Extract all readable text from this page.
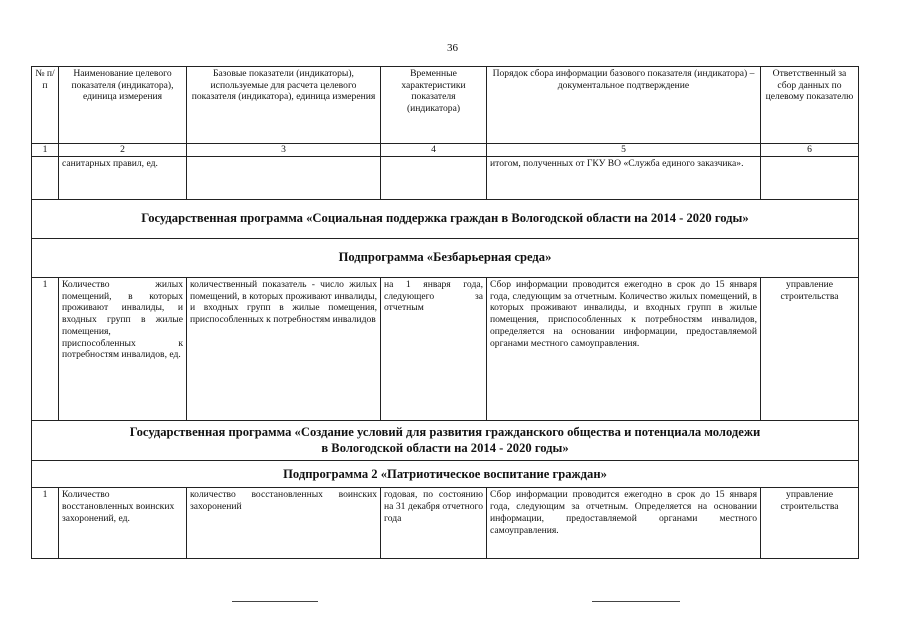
36
№ п/п	Наименование целевого показателя (индикатора), единица измерения	Базовые показатели (индикаторы), используемые для расчета целевого показателя (индикатора), единица измерения	Временные характеристики показателя (индикатора)	Порядок сбора информации базового показателя (индикатора) – документальное подтверждение	Ответственный за сбор данных по целевому показателю
1	2	3	4	5	6
	санитарных правил, ед.			итогом, полученных от ГКУ ВО «Служба единого заказчика».	
Государственная программа «Социальная поддержка граждан в Вологодской области на 2014 - 2020 годы»					
Подпрограмма «Безбарьерная среда»					
1	Количество жилых помещений, в которых проживают инвалиды, и входных групп в жилые помещения, приспособленных к потребностям инвалидов, ед.	количественный показатель - число жилых помещений, в которых проживают инвалиды, и входных групп в жилые помещения, приспособленных к потребностям инвалидов	на 1 января года, следующего за отчетным	Сбор информации проводится ежегодно в срок до 15 января года, следующим за отчетным. Количество жилых помещений, в которых проживают инвалиды, и входных групп в жилые помещения, приспособленных к потребностям инвалидов, определяется на основании информации, предоставляемой органами местного самоуправления.	управление строительства
Государственная программа «Создание условий для развития гражданского общества и потенциала молодежи
в Вологодской области на 2014 - 2020 годы»					
Подпрограмма 2 «Патриотическое воспитание граждан»					
1	Количество восстановленных воинских захоронений, ед.	количество восстановленных воинских захоронений	годовая, по состоянию на 31 декабря отчетного года	Сбор информации проводится ежегодно в срок до 15 января года, следующим за отчетным. Определяется на основании информации, предоставляемой органами местного самоуправления.	управление строительства
